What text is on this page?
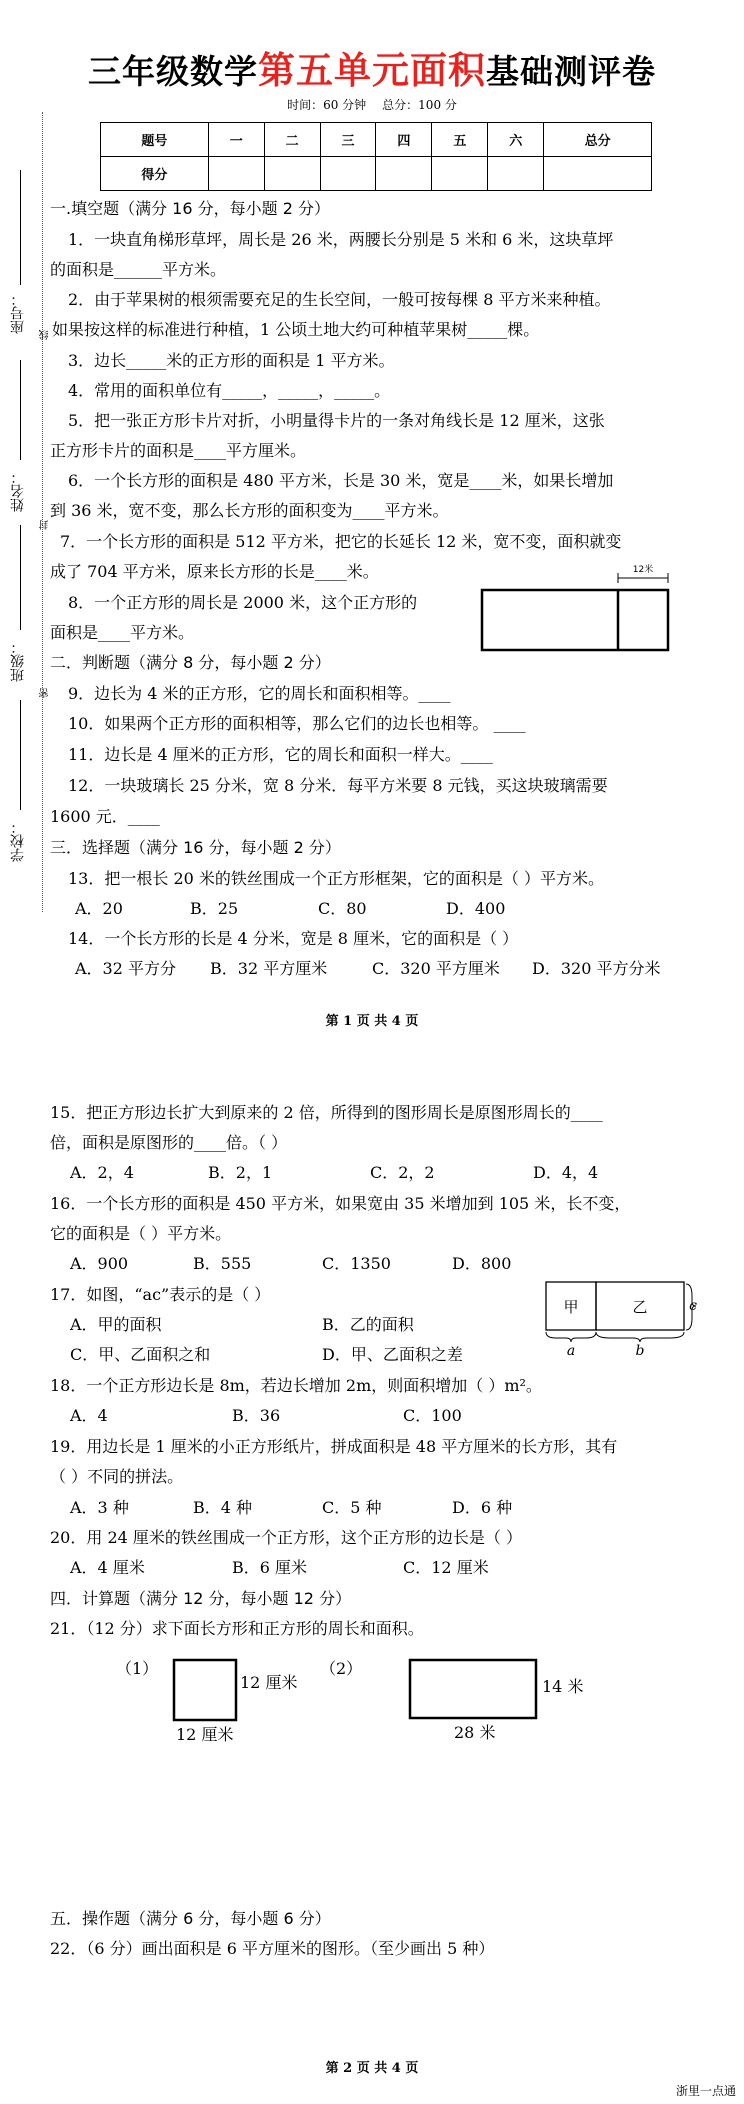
三年级数学第五单元面积基础测评卷
时间：60 分钟 总分：100 分
题号	一	二	三	四	五	六	总分
得分							
座号：
姓名：
班级：
学校：
线
封
密
一.填空题（满分 16 分，每小题 2 分）
1．一块直角梯形草坪，周长是 26 米，两腰长分别是 5 米和 6 米，这块草坪
的面积是______平方米。
2．由于苹果树的根须需要充足的生长空间，一般可按每棵 8 平方米来种植。
如果按这样的标准进行种植，1 公顷土地大约可种植苹果树_____棵。
3．边长_____米的正方形的面积是 1 平方米。
4．常用的面积单位有_____，_____，_____。
5．把一张正方形卡片对折，小明量得卡片的一条对角线长是 12 厘米，这张
正方形卡片的面积是____平方厘米。
6．一个长方形的面积是 480 平方米，长是 30 米，宽是____米，如果长增加
到 36 米，宽不变，那么长方形的面积变为____平方米。
7．一个长方形的面积是 512 平方米，把它的长延长 12 米，宽不变，面积就变
成了 704 平方米，原来长方形的长是____米。
8．一个正方形的周长是 2000 米，这个正方形的
面积是____平方米。
12米
二．判断题（满分 8 分，每小题 2 分）
9．边长为 4 米的正方形，它的周长和面积相等。____
10．如果两个正方形的面积相等，那么它们的边长也相等。 ____
11．边长是 4 厘米的正方形，它的周长和面积一样大。____
12．一块玻璃长 25 分米，宽 8 分米．每平方米要 8 元钱，买这块玻璃需要
1600 元．____
三．选择题（满分 16 分，每小题 2 分）
13．把一根长 20 米的铁丝围成一个正方形框架，它的面积是（ ）平方米。
A．20	B．25	C．80	D．400
14．一个长方形的长是 4 分米，宽是 8 厘米，它的面积是（ ）
A．32 平方分 B．32 平方厘米	C．320 平方厘米 D．320 平方分米
第 1 页 共 4 页
15．把正方形边长扩大到原来的 2 倍，所得到的图形周长是原图形周长的____
倍，面积是原图形的____倍。（ ）
A．2，4	B．2，1	C．2，2	D．4，4
16．一个长方形的面积是 450 平方米，如果宽由 35 米增加到 105 米，长不变，
它的面积是（ ）平方米。
A．900	B．555	C．1350	D．800
17．如图，“ac”表示的是（ ）
A．甲的面积	B．乙的面积
C．甲、乙面积之和	D．甲、乙面积之差
甲	乙
a	b
c
18．一个正方形边长是 8m，若边长增加 2m，则面积增加（ ）m²。
A．4	B．36	C．100
19．用边长是 1 厘米的小正方形纸片，拼成面积是 48 平方厘米的长方形，其有
（ ）不同的拼法。
A．3 种	B．4 种	C．5 种	D．6 种
20．用 24 厘米的铁丝围成一个正方形，这个正方形的边长是（ ）
A．4 厘米	B．6 厘米	C．12 厘米
四．计算题（满分 12 分，每小题 12 分）
21．（12 分）求下面长方形和正方形的周长和面积。
（1）
12 厘米
12 厘米
（2）
14 米
28 米
五．操作题（满分 6 分，每小题 6 分）
22．（6 分）画出面积是 6 平方厘米的图形。（至少画出 5 种）
第 2 页 共 4 页
浙里一点通
